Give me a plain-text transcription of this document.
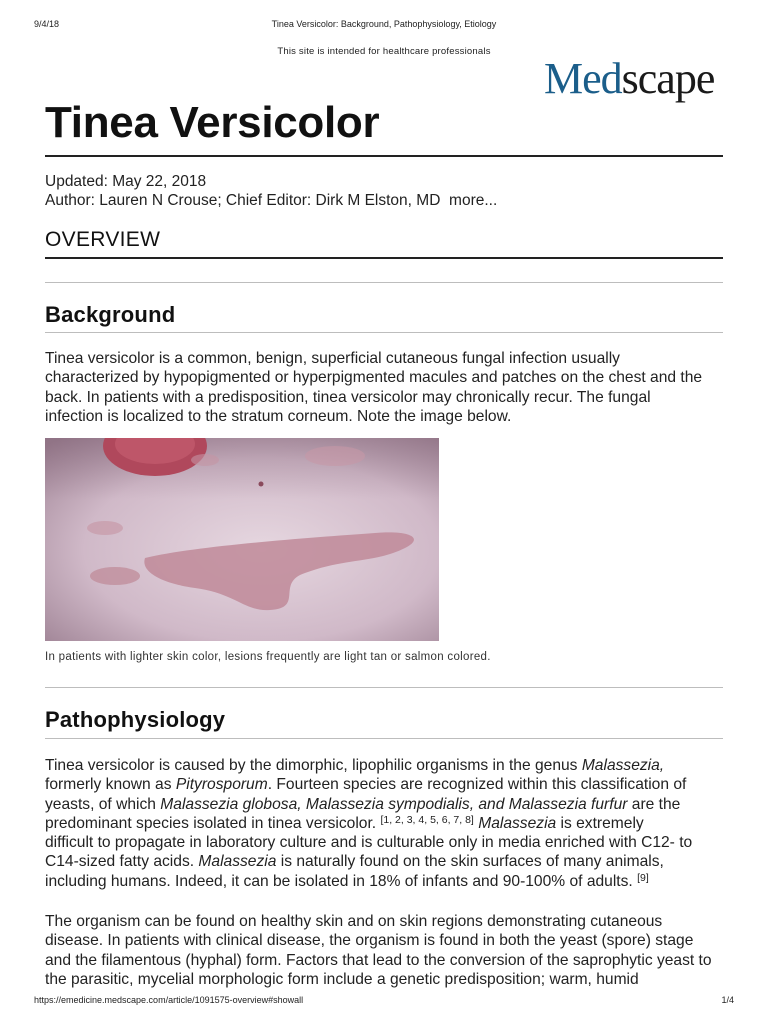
9/4/18	Tinea Versicolor: Background, Pathophysiology, Etiology
This site is intended for healthcare professionals
Medscape
Tinea Versicolor
Updated: May 22, 2018
Author: Lauren N Crouse; Chief Editor: Dirk M Elston, MD more...
OVERVIEW
Background
Tinea versicolor is a common, benign, superficial cutaneous fungal infection usually
characterized by hypopigmented or hyperpigmented macules and patches on the chest and the
back. In patients with a predisposition, tinea versicolor may chronically recur. The fungal
infection is localized to the stratum corneum. Note the image below.
In patients with lighter skin color, lesions frequently are light tan or salmon colored.
Pathophysiology
Tinea versicolor is caused by the dimorphic, lipophilic organisms in the genus Malassezia,
formerly known as Pityrosporum. Fourteen species are recognized within this classification of
yeasts, of which Malassezia globosa, Malassezia sympodialis, and Malassezia furfur are the
predominant species isolated in tinea versicolor. [1, 2, 3, 4, 5, 6, 7, 8] Malassezia is extremely
difficult to propagate in laboratory culture and is culturable only in media enriched with C12- to
C14-sized fatty acids. Malassezia is naturally found on the skin surfaces of many animals,
including humans. Indeed, it can be isolated in 18% of infants and 90-100% of adults. [9]
The organism can be found on healthy skin and on skin regions demonstrating cutaneous
disease. In patients with clinical disease, the organism is found in both the yeast (spore) stage
and the filamentous (hyphal) form. Factors that lead to the conversion of the saprophytic yeast to
the parasitic, mycelial morphologic form include a genetic predisposition; warm, humid
https://emedicine.medscape.com/article/1091575-overview#showall	1/4
